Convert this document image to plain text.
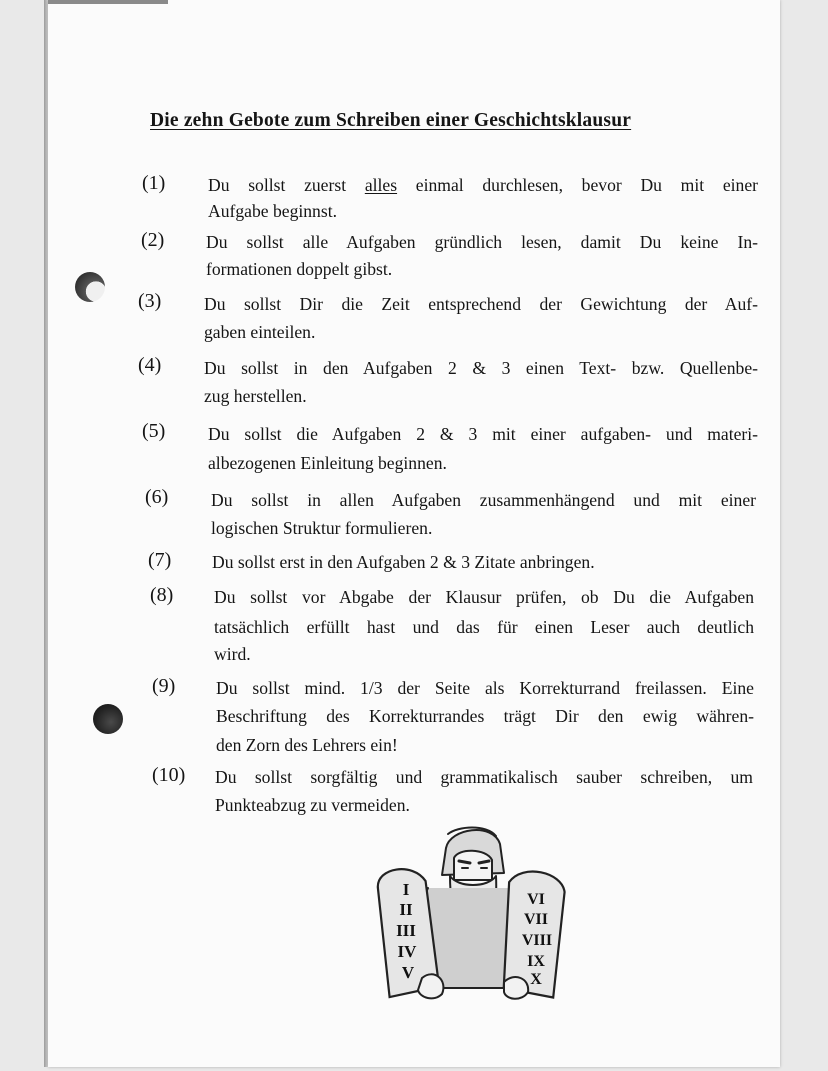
Die zehn Gebote zum Schreiben einer Geschichtsklausur
(1) Du sollst zuerst alles einmal durchlesen, bevor Du mit einer
Aufgabe beginnst.
(2) Du sollst alle Aufgaben gründlich lesen, damit Du keine In-
formationen doppelt gibst.
(3) Du sollst Dir die Zeit entsprechend der Gewichtung der Auf-
gaben einteilen.
(4) Du sollst in den Aufgaben 2 & 3 einen Text- bzw. Quellenbe-
zug herstellen.
(5) Du sollst die Aufgaben 2 & 3 mit einer aufgaben- und materi-
albezogenen Einleitung beginnen.
(6) Du sollst in allen Aufgaben zusammenhängend und mit einer
logischen Struktur formulieren.
(7) Du sollst erst in den Aufgaben 2 & 3 Zitate anbringen.
(8) Du sollst vor Abgabe der Klausur prüfen, ob Du die Aufgaben
tatsächlich erfüllt hast und das für einen Leser auch deutlich
wird.
(9) Du sollst mind. 1/3 der Seite als Korrekturrand freilassen. Eine
Beschriftung des Korrekturrandes trägt Dir den ewig währen-
den Zorn des Lehrers ein!
(10) Du sollst sorgfältig und grammatikalisch sauber schreiben, um
Punkteabzug zu vermeiden.
I
II
III
IV
V
VI
VII
VIII
IX
X
